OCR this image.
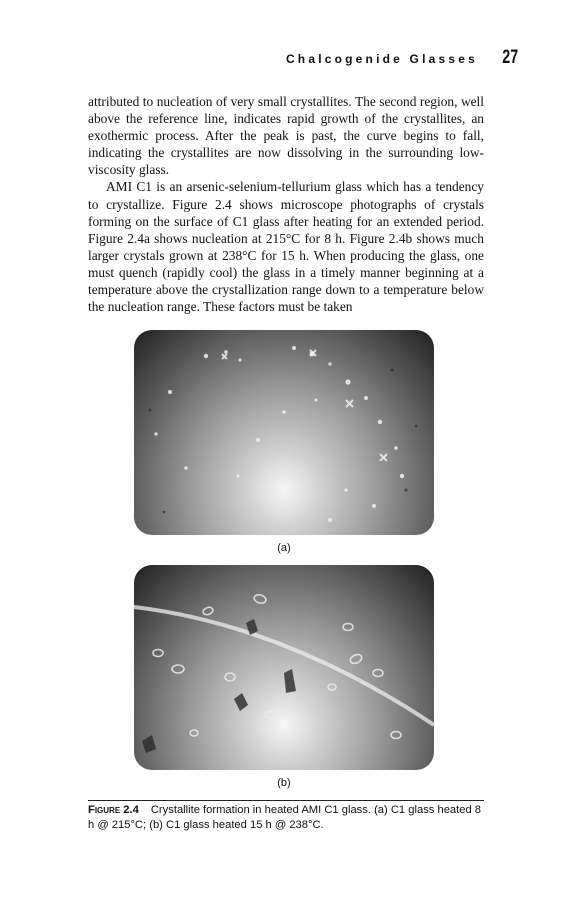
Chalcogenide Glasses 27

attributed to nucleation of very small crystallites. The second region, well above the reference line, indicates rapid growth of the crystallites, an exothermic process. After the peak is past, the curve begins to fall, indicating the crystallites are now dissolving in the surrounding low-viscosity glass.

AMI C1 is an arsenic-selenium-tellurium glass which has a tendency to crystallize. Figure 2.4 shows microscope photographs of crystals forming on the surface of C1 glass after heating for an extended period. Figure 2.4a shows nucleation at 215°C for 8 h. Figure 2.4b shows much larger crystals grown at 238°C for 15 h. When producing the glass, one must quench (rapidly cool) the glass in a timely manner beginning at a temperature above the crystallization range down to a temperature below the nucleation range. These factors must be taken

(a)
(b)
Figure 2.4 Crystallite formation in heated AMI C1 glass. (a) C1 glass heated 8 h @ 215°C; (b) C1 glass heated 15 h @ 238°C.
